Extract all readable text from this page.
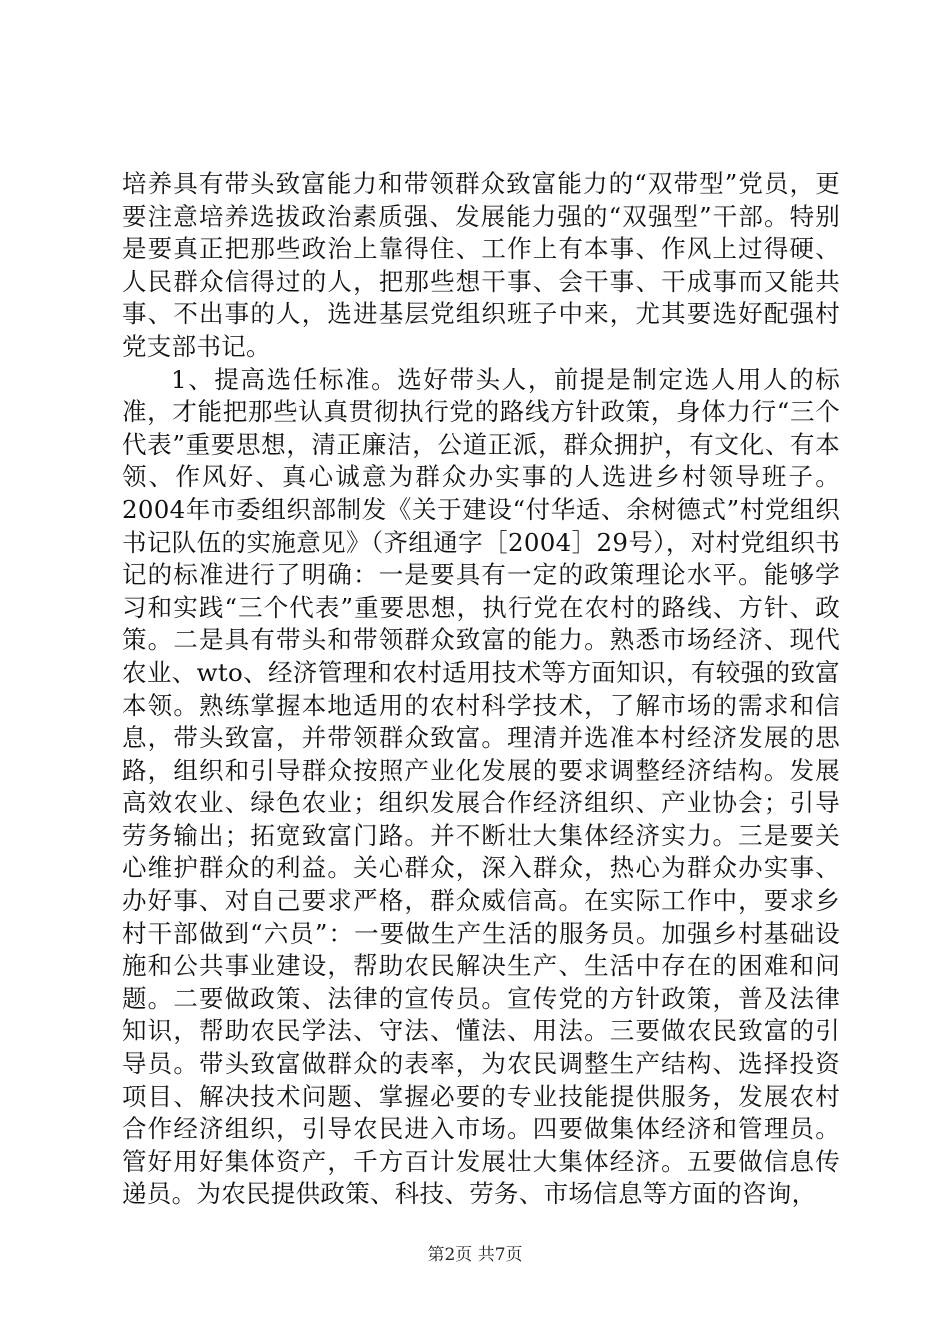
培养具有带头致富能力和带领群众致富能力的“双带型”党员，更要注意培养选拔政治素质强、发展能力强的“双强型”干部。特别是要真正把那些政治上靠得住、工作上有本事、作风上过得硬、人民群众信得过的人，把那些想干事、会干事、干成事而又能共事、不出事的人，选进基层党组织班子中来，尤其要选好配强村党支部书记。

1、提高选任标准。选好带头人，前提是制定选人用人的标准，才能把那些认真贯彻执行党的路线方针政策，身体力行“三个代表”重要思想，清正廉洁，公道正派，群众拥护，有文化、有本领、作风好、真心诚意为群众办实事的人选进乡村领导班子。2004年市委组织部制发《关于建设“付华适、余树德式”村党组织书记队伍的实施意见》（齐组通字［2004］29号），对村党组织书记的标准进行了明确：一是要具有一定的政策理论水平。能够学习和实践“三个代表”重要思想，执行党在农村的路线、方针、政策。二是具有带头和带领群众致富的能力。熟悉市场经济、现代农业、wto、经济管理和农村适用技术等方面知识，有较强的致富本领。熟练掌握本地适用的农村科学技术，了解市场的需求和信息，带头致富，并带领群众致富。理清并选准本村经济发展的思路，组织和引导群众按照产业化发展的要求调整经济结构。发展高效农业、绿色农业；组织发展合作经济组织、产业协会；引导劳务输出；拓宽致富门路。并不断壮大集体经济实力。三是要关心维护群众的利益。关心群众，深入群众，热心为群众办实事、办好事、对自己要求严格，群众威信高。在实际工作中，要求乡村干部做到“六员”：一要做生产生活的服务员。加强乡村基础设施和公共事业建设，帮助农民解决生产、生活中存在的困难和问题。二要做政策、法律的宣传员。宣传党的方针政策，普及法律知识，帮助农民学法、守法、懂法、用法。三要做农民致富的引导员。带头致富做群众的表率，为农民调整生产结构、选择投资项目、解决技术问题、掌握必要的专业技能提供服务，发展农村合作经济组织，引导农民进入市场。四要做集体经济和管理员。管好用好集体资产，千方百计发展壮大集体经济。五要做信息传递员。为农民提供政策、科技、劳务、市场信息等方面的咨询，

第2页 共7页
